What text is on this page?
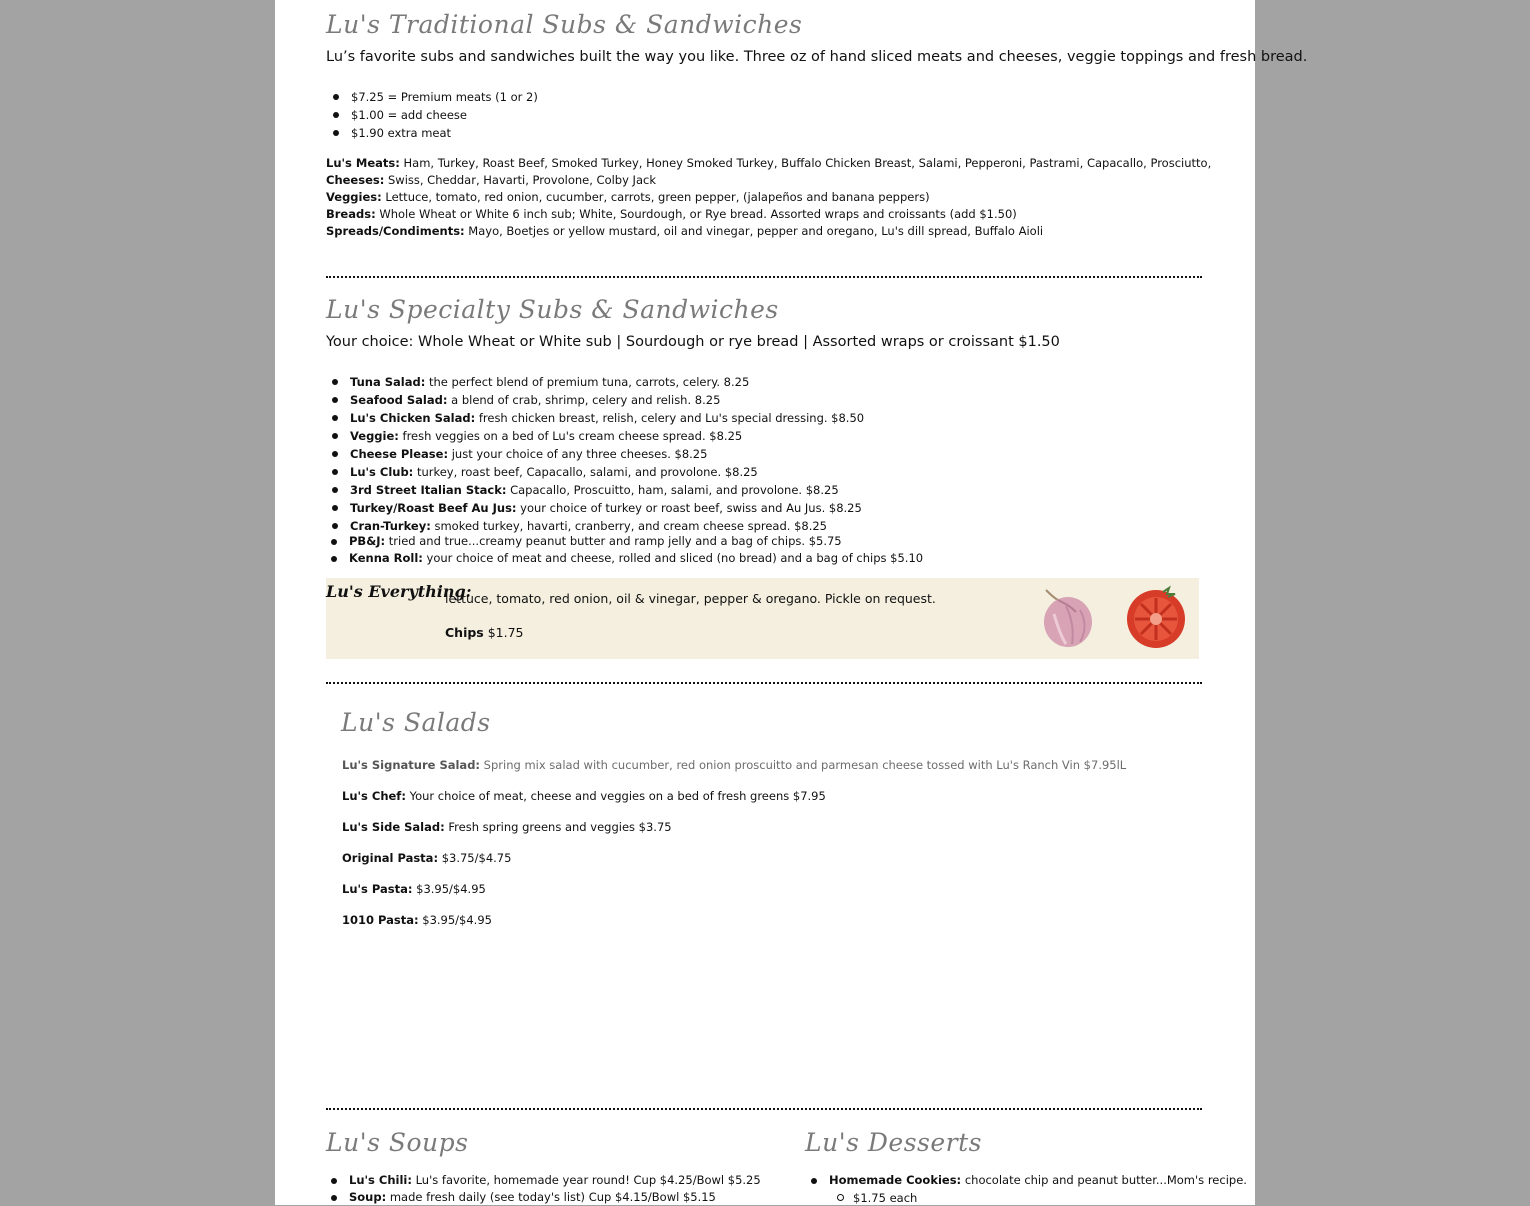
Lu's Traditional Subs & Sandwiches
Lu’s favorite subs and sandwiches built the way you like. Three oz of hand sliced meats and cheeses, veggie toppings and fresh bread.
$7.25 = Premium meats (1 or 2)
$1.00 = add cheese
$1.90 extra meat
Lu's Meats: Ham, Turkey, Roast Beef, Smoked Turkey, Honey Smoked Turkey, Buffalo Chicken Breast, Salami, Pepperoni, Pastrami, Capacallo, Prosciutto,
Cheeses: Swiss, Cheddar, Havarti, Provolone, Colby Jack
Veggies: Lettuce, tomato, red onion, cucumber, carrots, green pepper, (jalapeños and banana peppers)
Breads: Whole Wheat or White 6 inch sub; White, Sourdough, or Rye bread. Assorted wraps and croissants (add $1.50)
Spreads/Condiments: Mayo, Boetjes or yellow mustard, oil and vinegar, pepper and oregano, Lu's dill spread, Buffalo Aioli
Lu's Specialty Subs & Sandwiches
Your choice: Whole Wheat or White sub | Sourdough or rye bread | Assorted wraps or croissant $1.50
Tuna Salad: the perfect blend of premium tuna, carrots, celery. 8.25
Seafood Salad: a blend of crab, shrimp, celery and relish. 8.25
Lu's Chicken Salad: fresh chicken breast, relish, celery and Lu's special dressing. $8.50
Veggie: fresh veggies on a bed of Lu's cream cheese spread. $8.25
Cheese Please: just your choice of any three cheeses. $8.25
Lu's Club: turkey, roast beef, Capacallo, salami, and provolone. $8.25
3rd Street Italian Stack: Capacallo, Proscuitto, ham, salami, and provolone. $8.25
Turkey/Roast Beef Au Jus: your choice of turkey or roast beef, swiss and Au Jus. $8.25
Cran-Turkey: smoked turkey, havarti, cranberry, and cream cheese spread. $8.25
PB&J: tried and true...creamy peanut butter and ramp jelly and a bag of chips. $5.75
Kenna Roll: your choice of meat and cheese, rolled and sliced (no bread) and a bag of chips $5.10
Lu's Everything:
lettuce, tomato, red onion, oil & vinegar, pepper & oregano. Pickle on request.
Chips $1.75
Lu's Salads
Lu's Signature Salad: Spring mix salad with cucumber, red onion proscuitto and parmesan cheese tossed with Lu's Ranch Vin $7.95lL
Lu's Chef: Your choice of meat, cheese and veggies on a bed of fresh greens $7.95
Lu's Side Salad: Fresh spring greens and veggies $3.75
Original Pasta: $3.75/$4.75
Lu's Pasta: $3.95/$4.95
1010 Pasta: $3.95/$4.95
Lu's Soups
Lu's Chili: Lu's favorite, homemade year round! Cup $4.25/Bowl $5.25
Soup: made fresh daily (see today's list) Cup $4.15/Bowl $5.15
Lu's Desserts
Homemade Cookies: chocolate chip and peanut butter...Mom's recipe.
$1.75 each
